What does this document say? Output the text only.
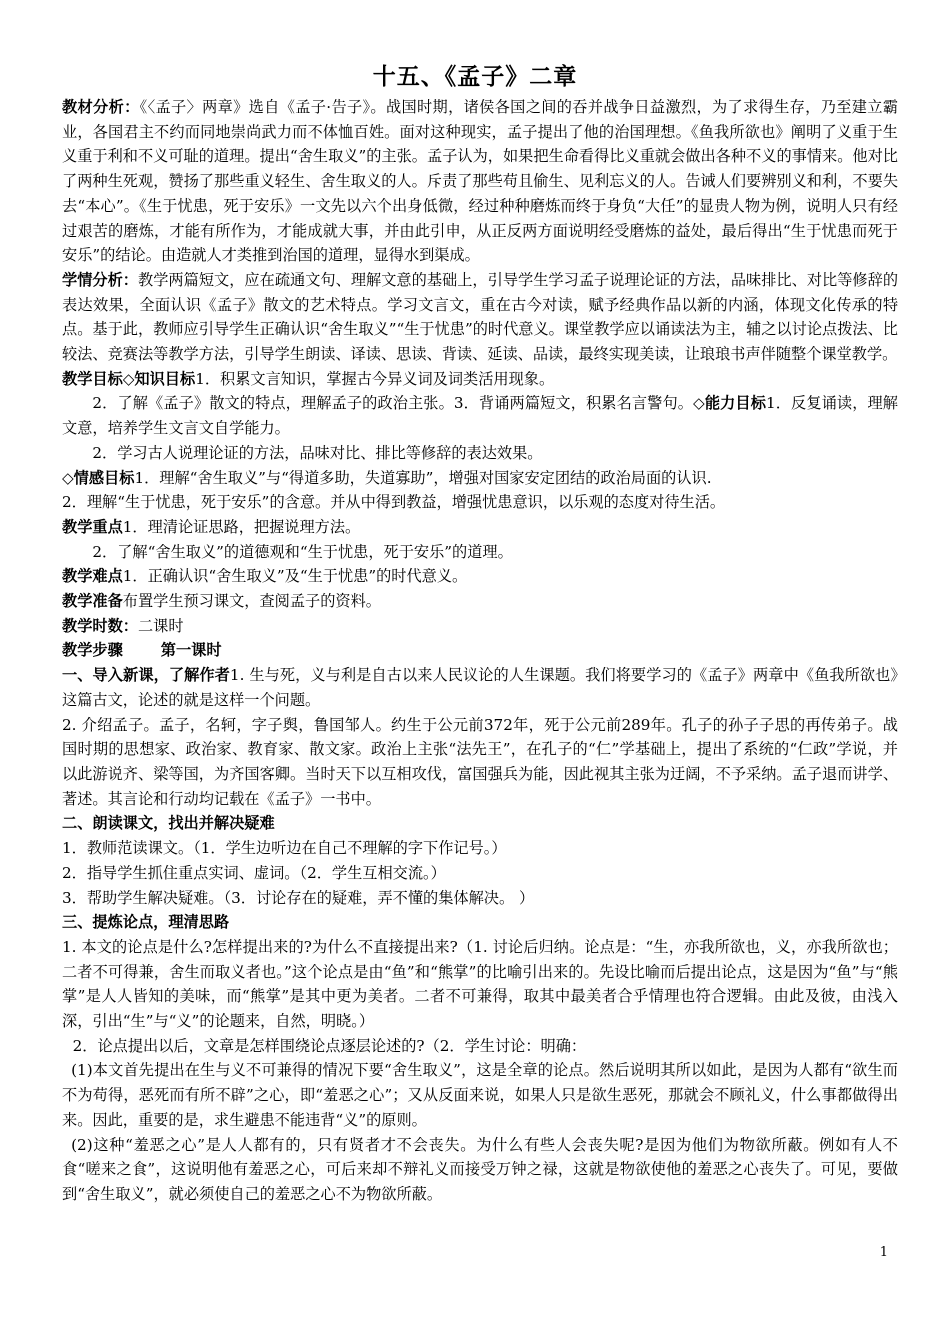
十五、《孟子》二章

教材分析：《〈孟子〉两章》选自《孟子·告子》。战国时期，诸侯各国之间的吞并战争日益激烈，为了求得生存，乃至建立霸业，各国君主不约而同地崇尚武力而不体恤百姓。面对这种现实，孟子提出了他的治国理想。《鱼我所欲也》阐明了义重于生义重于利和不义可耻的道理。提出“舍生取义”的主张。孟子认为，如果把生命看得比义重就会做出各种不义的事情来。他对比了两种生死观，赞扬了那些重义轻生、舍生取义的人。斥责了那些苟且偷生、见利忘义的人。告诫人们要辨别义和利，不要失去“本心”。《生于忧患，死于安乐》一文先以六个出身低微，经过种种磨炼而终于身负“大任”的显贵人物为例，说明人只有经过艰苦的磨炼，才能有所作为，才能成就大事，并由此引申，从正反两方面说明经受磨炼的益处，最后得出“生于忧患而死于安乐”的结论。由造就人才类推到治国的道理，显得水到渠成。

学情分析：教学两篇短文，应在疏通文句、理解文意的基础上，引导学生学习孟子说理论证的方法，品味排比、对比等修辞的表达效果，全面认识《孟子》散文的艺术特点。学习文言文，重在古今对读，赋予经典作品以新的内涵，体现文化传承的特点。基于此，教师应引导学生正确认识“舍生取义”“生于忧患”的时代意义。课堂教学应以诵读法为主，辅之以讨论点拨法、比较法、竞赛法等教学方法，引导学生朗读、译读、思读、背读、延读、品读，最终实现美读，让琅琅书声伴随整个课堂教学。

教学目标◇知识目标1．积累文言知识，掌握古今异义词及词类活用现象。

2．了解《孟子》散文的特点，理解孟子的政治主张。3．背诵两篇短文，积累名言警句。◇能力目标1．反复诵读，理解文意，培养学生文言文自学能力。

2．学习古人说理论证的方法，品味对比、排比等修辞的表达效果。

◇情感目标1．理解“舍生取义”与“得道多助，失道寡助”，增强对国家安定团结的政治局面的认识.

2．理解“生于忧患，死于安乐”的含意。并从中得到教益，增强忧患意识，以乐观的态度对待生活。

教学重点1．理清论证思路，把握说理方法。

2．了解“舍生取义”的道德观和“生于忧患，死于安乐”的道理。

教学难点1．正确认识“舍生取义”及“生于忧患”的时代意义。

教学准备布置学生预习课文，查阅孟子的资料。

教学时数：二课时

教学步骤	第一课时

一、导入新课，了解作者1. 生与死，义与利是自古以来人民议论的人生课题。我们将要学习的《孟子》两章中《鱼我所欲也》这篇古文，论述的就是这样一个问题。

2. 介绍孟子。孟子，名轲，字子舆，鲁国邹人。约生于公元前372年，死于公元前289年。孔子的孙子子思的再传弟子。战国时期的思想家、政治家、教育家、散文家。政治上主张“法先王”，在孔子的“仁”学基础上，提出了系统的“仁政”学说，并以此游说齐、梁等国，为齐国客卿。当时天下以互相攻伐，富国强兵为能，因此视其主张为迂阔，不予采纳。孟子退而讲学、著述。其言论和行动均记载在《孟子》一书中。

二、朗读课文，找出并解决疑难

1．教师范读课文。（1．学生边听边在自己不理解的字下作记号。）

2．指导学生抓住重点实词、虚词。（2．学生互相交流。）

3．帮助学生解决疑难。（3．讨论存在的疑难，弄不懂的集体解决。 ）

三、提炼论点，理清思路

1. 本文的论点是什么?怎样提出来的?为什么不直接提出来?（1. 讨论后归纳。论点是：“生，亦我所欲也，义，亦我所欲也；二者不可得兼，舍生而取义者也。”这个论点是由“鱼”和“熊掌”的比喻引出来的。先设比喻而后提出论点，这是因为“鱼”与“熊掌”是人人皆知的美味，而“熊掌”是其中更为美者。二者不可兼得，取其中最美者合乎情理也符合逻辑。由此及彼，由浅入深，引出“生”与“义”的论题来，自然，明晓。）

2．论点提出以后，文章是怎样围绕论点逐层论述的?（2．学生讨论：明确：

(1)本文首先提出在生与义不可兼得的情况下要“舍生取义”，这是全章的论点。然后说明其所以如此，是因为人都有“欲生而不为苟得，恶死而有所不辟”之心，即“羞恶之心”；又从反面来说，如果人只是欲生恶死，那就会不顾礼义，什么事都做得出来。因此，重要的是，求生避患不能违背“义”的原则。

(2)这种“羞恶之心”是人人都有的，只有贤者才不会丧失。为什么有些人会丧失呢?是因为他们为物欲所蔽。例如有人不食“嗟来之食”，这说明他有羞恶之心，可后来却不辩礼义而接受万钟之禄，这就是物欲使他的羞恶之心丧失了。可见，要做到“舍生取义”，就必须使自己的羞恶之心不为物欲所蔽。

1
